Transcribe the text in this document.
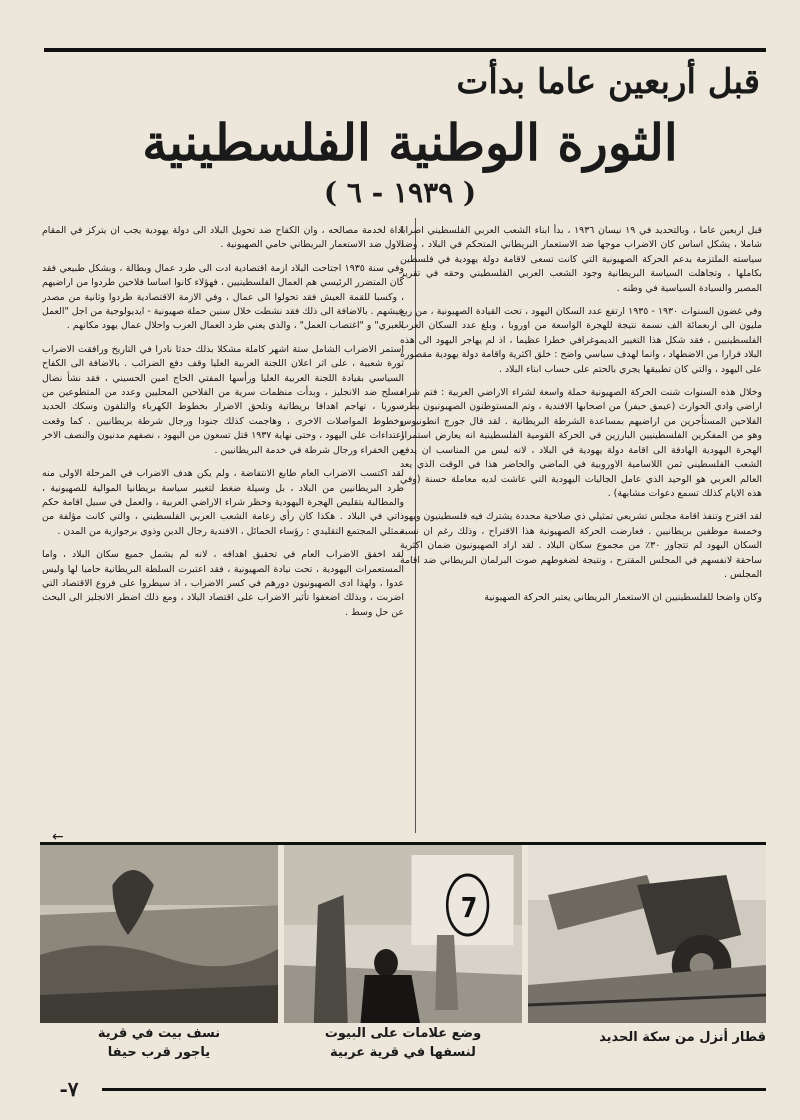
قبل أربعين عاما بدأت
الثورة الوطنية الفلسطينية
( ١٩٣٩ - ٦ )

قبل اربعين عاما ، وبالتحديد في ١٩ نيسان ١٩٣٦ ، بدأ ابناء الشعب العربي الفلسطيني اضرابا شاملا ، يشكل اساس كان الاضراب موجها ضد الاستعمار البريطاني المتحكم في البلاد ، وضد سياسته الملتزمة بدعم الحركة الصهيونية التي كانت تسعى لاقامة دولة يهودية في فلسطين بكاملها ، وتجاهلت السياسة البريطانية وجود الشعب العربي الفلسطيني وحقه في تقرير المصير والسيادة السياسية في وطنه .

وفي غضون السنوات ١٩٣٠ - ١٩٣٥ ارتفع عدد السكان اليهود ، تحت القيادة الصهيونية ، من ربع مليون الى اربعمائة الف نسمة نتيجة للهجرة الواسعة من اوروبا ، وبلغ عدد السكان العرب الفلسطينيين ، فقد شكل هذا التغيير الديموغرافي خطرا عظيما ، اذ لم يهاجر اليهود الى هذه البلاد فرارا من الاضطهاد ، وانما لهدف سياسي واضح : خلق اكثرية واقامة دولة يهودية مقصورة على اليهود ، والتي كان تطبيقها يجري بالحتم على حساب ابناء البلاد .

وخلال هذه السنوات شنت الحركة الصهيونية حملة واسعة لشراء الاراضي العربية : فتم شراء اراضي وادي الحوارث (عيمق حيفر) من اصحابها الافندية ، وتم المستوطنون الصهيونيون بطرد الفلاحين المستأجرين من اراضيهم بمساعدة الشرطة البريطانية . لقد قال جورج انطونيوس وهو من المفكرين الفلسطينيين البارزين في الحركة القومية الفلسطينية انه يعارض استمرار الهجرة اليهودية الهادفة الى اقامة دولة يهودية في البلاد ، لانه ليس من المناسب ان يدفع الشعب الفلسطيني ثمن اللاسامية الاوروبية في الماضي والحاضر هذا في الوقت الذي يعد العالم العربي هو الوحيد الذي عامل الجاليات اليهودية التي عاشت لديه معاملة حسنة (وفي هذه الايام كذلك تسمع دعوات مشابهة) .

لقد اقترح وتنفذ اقامة مجلس تشريعي تمثيلي ذي صلاحية محددة يشترك فيه فلسطينيون ويهود وخمسة موظفين بريطانيين . فعارضت الحركة الصهيونية هذا الاقتراح ، وذلك رغم ان نسبة السكان اليهود لم تتجاوز ٣٠٪ من مجموع سكان البلاد . لقد اراد الصهيونيون ضمان اكثرية ساحقة لانفسهم في المجلس المقترح ، ونتيجة لضغوطهم صوت البرلمان البريطاني ضد اقامة المجلس .

وكان واضحا للفلسطينيين ان الاستعمار البريطاني يعتبر الحركة الصهيونية

اداة لخدمة مصالحه ، وان الكفاح ضد تحويل البلاد الى دولة يهودية يجب ان يتركز في المقام الاول ضد الاستعمار البريطاني حامي الصهيونية .

وفي سنة ١٩٣٥ اجتاحت البلاد ازمة اقتصادية ادت الى طرد عمال وبطالة ، وبشكل طبيعي فقد كان المتضرر الرئيسي هم العمال الفلسطينيين ، فهؤلاء كانوا اساسا فلاحين طردوا من اراضيهم ، وكسبا للقمة العيش فقد تحولوا الى عمال ، وفي الازمة الاقتصادية طردوا وثانية من مصدر عيشهم . بالاضافة الى ذلك فقد نشطت خلال سنين حملة صهيونية - ايديولوجية من اجل "العمل العبري" و "اغتصاب العمل" ، والذي يعني طرد العمال العرب واحلال عمال يهود مكانهم .

استمر الاضراب الشامل ستة اشهر كاملة مشكلا بذلك حدثا نادرا في التاريخ ورافقت الاضراب ثورة شعبية ، على اثر اعلان اللجنة العربية العليا وقف دفع الضرائب . بالاضافة الى الكفاح السياسي بقيادة اللجنة العربية العليا ورأسها المفتي الحاج امين الحسيني ، فقد نشأ نضال مسلح ضد الانجليز ، وبدأت منظمات سرية من الفلاحين المحليين وعدد من المتطوعين من سوريا ، تهاجم اهدافا بريطانية وتلحق الاضرار بخطوط الكهرباء والتلفون وسكك الحديد وخطوط المواصلات الاخرى ، وهاجمت كذلك جنودا ورجال شرطة بريطانيين . كما وقعت اعتداءات على اليهود ، وحتى نهاية ١٩٣٧ قتل تسعون من اليهود ، نصفهم مدنيون والنصف الاخر من الخفراء ورجال شرطة في خدمة البريطانيين .

لقد اكتسب الاضراب العام طابع الانتفاضة ، ولم يكن هدف الاضراب في المرحلة الاولى منه طرد البريطانيين من البلاد ، بل وسيلة ضغط لتغيير سياسة بريطانيا الموالية للصهيونية ، والمطالبة بتقليص الهجرة اليهودية وحظر شراء الاراضي العربية ، والعمل في سبيل اقامة حكم ذاتي في البلاد . هكذا كان رأي زعامة الشعب العربي الفلسطيني ، والتي كانت مؤلفة من ممثلي المجتمع التقليدي : رؤساء الحمائل ، الافندية رجال الدين وذوي برجوازية من المدن .

لقد اخفق الاضراب العام في تحقيق اهدافه ، لانه لم يشمل جميع سكان البلاد ، واما المستعمرات اليهودية ، تحت نيادة الصهيونية ، فقد اعتبرت السلطة البريطانية حاميا لها وليس عدوا ، ولهذا ادى الصهيونيون دورهم في كسر الاضراب ، اذ سيطروا على فروع الاقتصاد التي اضربت ، وبذلك اضعفوا تأثير الاضراب على اقتصاد البلاد ، ومع ذلك اضطر الانجليز الى البحث عن حل وسط .

←
7
نسف بيت في قرية
ياجور قرب حيفا
وضع علامات على البيوت
لنسفها في قرية عربية
قطار أنزل من سكة الحديد
-٧
